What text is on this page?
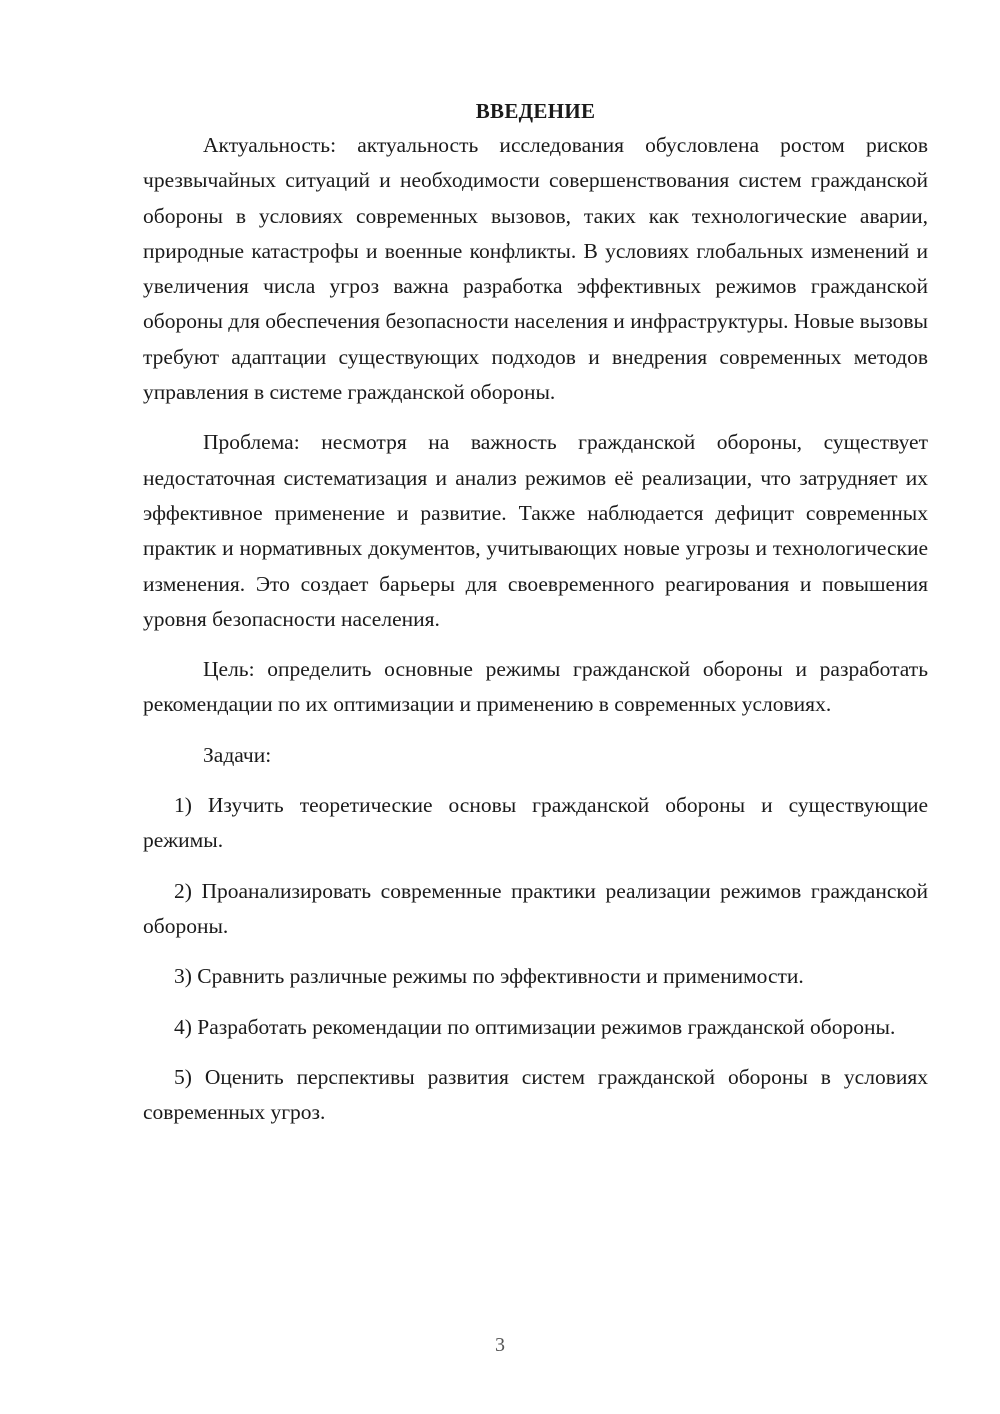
ВВЕДЕНИЕ

Актуальность: актуальность исследования обусловлена ростом рисков чрезвычайных ситуаций и необходимости совершенствования систем гражданской обороны в условиях современных вызовов, таких как технологические аварии, природные катастрофы и военные конфликты. В условиях глобальных изменений и увеличения числа угроз важна разработка эффективных режимов гражданской обороны для обеспечения безопасности населения и инфраструктуры. Новые вызовы требуют адаптации существующих подходов и внедрения современных методов управления в системе гражданской обороны.

Проблема: несмотря на важность гражданской обороны, существует недостаточная систематизация и анализ режимов её реализации, что затрудняет их эффективное применение и развитие. Также наблюдается дефицит современных практик и нормативных документов, учитывающих новые угрозы и технологические изменения. Это создает барьеры для своевременного реагирования и повышения уровня безопасности населения.

Цель: определить основные режимы гражданской обороны и разработать рекомендации по их оптимизации и применению в современных условиях.

Задачи:

1) Изучить теоретические основы гражданской обороны и существующие режимы.

2) Проанализировать современные практики реализации режимов гражданской обороны.

3) Сравнить различные режимы по эффективности и применимости.

4) Разработать рекомендации по оптимизации режимов гражданской обороны.

5) Оценить перспективы развития систем гражданской обороны в условиях современных угроз.

3
